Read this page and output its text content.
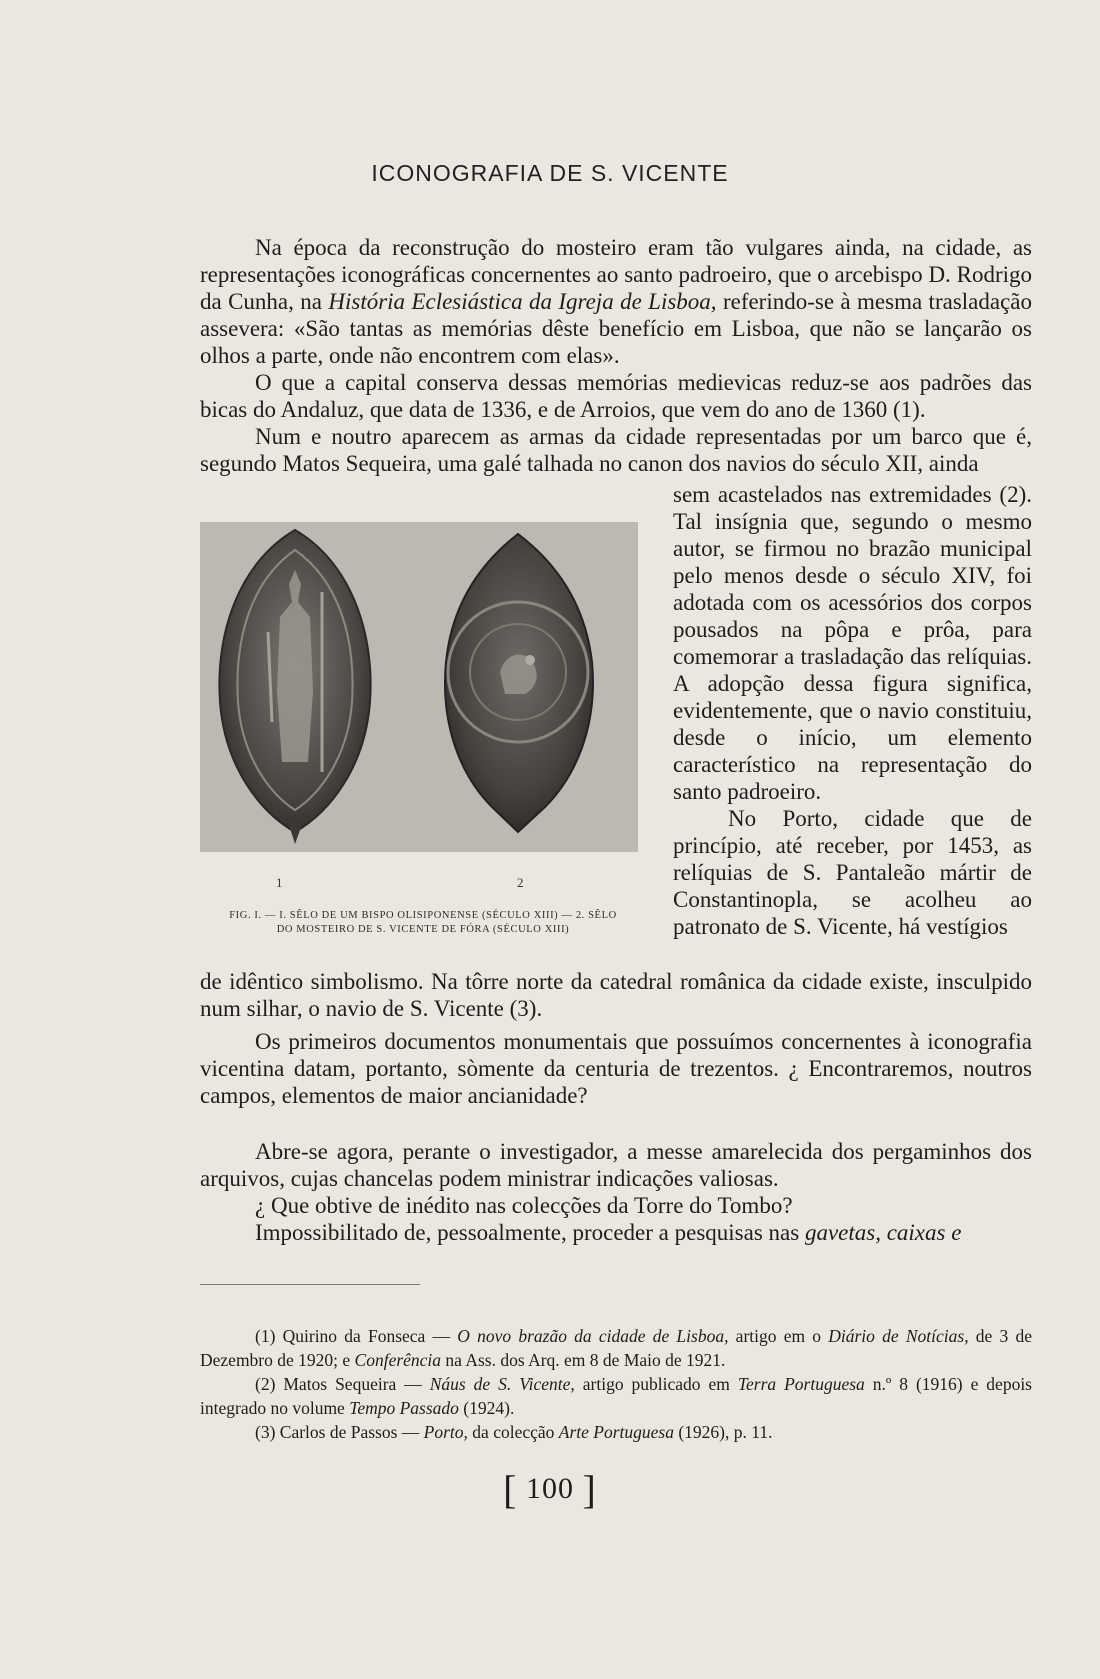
ICONOGRAFIA DE S. VICENTE

Na época da reconstrução do mosteiro eram tão vulgares ainda, na cidade, as representações iconográficas concernentes ao santo padroeiro, que o arcebispo D. Rodrigo da Cunha, na História Eclesiástica da Igreja de Lisboa, referindo-se à mesma trasladação assevera: «São tantas as memórias dêste benefício em Lisboa, que não se lançarão os olhos a parte, onde não encontrem com elas».

O que a capital conserva dessas memórias medievicas reduz-se aos padrões das bicas do Andaluz, que data de 1336, e de Arroios, que vem do ano de 1360 (1).

Num e noutro aparecem as armas da cidade representadas por um barco que é, segundo Matos Sequeira, uma galé talhada no canon dos navios do século XII, ainda

1	2
FIG. I. — I. SÊLO DE UM BISPO OLISIPONENSE (SÉCULO XIII) — 2. SÊLO
DO MOSTEIRO DE S. VICENTE DE FÓRA (SÉCULO XIII)

sem acastelados nas extremidades (2). Tal insígnia que, segundo o mesmo autor, se firmou no brazão municipal pelo menos desde o século XIV, foi adotada com os acessórios dos corpos pousados na pôpa e prôa, para comemorar a trasladação das relíquias. A adopção dessa figura significa, evidentemente, que o navio constituiu, desde o início, um elemento característico na representação do santo padroeiro.

No Porto, cidade que de princípio, até receber, por 1453, as relíquias de S. Pantaleão mártir de Constantinopla, se acolheu ao patronato de S. Vicente, há vestígios

de idêntico simbolismo. Na tôrre norte da catedral românica da cidade existe, insculpido num silhar, o navio de S. Vicente (3).

Os primeiros documentos monumentais que possuímos concernentes à iconografia vicentina datam, portanto, sòmente da centuria de trezentos. ¿ Encontraremos, noutros campos, elementos de maior ancianidade?

Abre-se agora, perante o investigador, a messe amarelecida dos pergaminhos dos arquivos, cujas chancelas podem ministrar indicações valiosas.

¿ Que obtive de inédito nas colecções da Torre do Tombo?

Impossibilitado de, pessoalmente, proceder a pesquisas nas gavetas, caixas e

(1) Quirino da Fonseca — O novo brazão da cidade de Lisboa, artigo em o Diário de Notícias, de 3 de Dezembro de 1920; e Conferência na Ass. dos Arq. em 8 de Maio de 1921.

(2) Matos Sequeira — Náus de S. Vicente, artigo publicado em Terra Portuguesa n.º 8 (1916) e depois integrado no volume Tempo Passado (1924).

(3) Carlos de Passos — Porto, da colecção Arte Portuguesa (1926), p. 11.

[ 100 ]
